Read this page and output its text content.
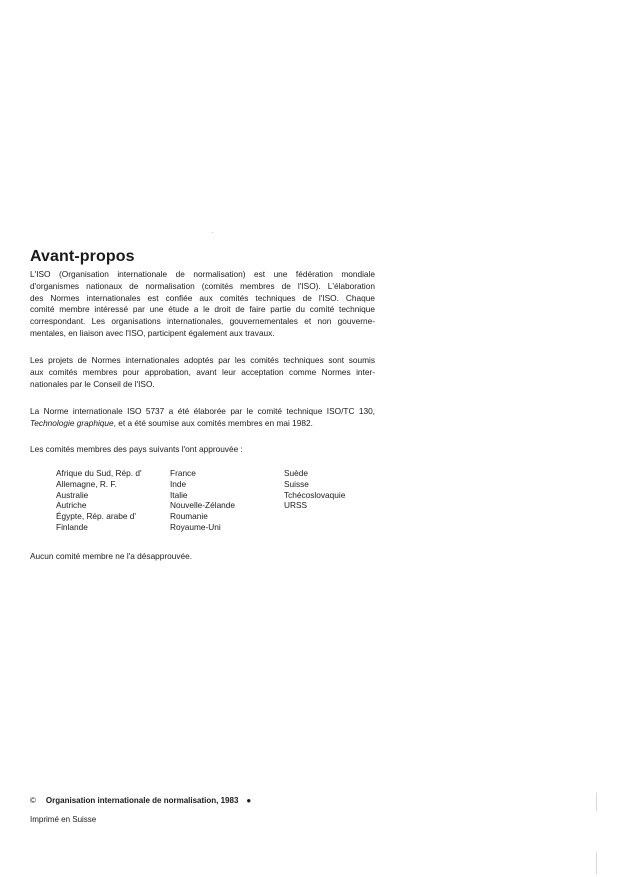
Avant-propos
L'ISO (Organisation internationale de normalisation) est une fédération mondiale
d'organismes nationaux de normalisation (comités membres de l'ISO). L'élaboration
des Normes internationales est confiée aux comités techniques de l'ISO. Chaque
comité membre intéressé par une étude a le droit de faire partie du comité technique
correspondant. Les organisations internationales, gouvernementales et non gouverne-
mentales, en liaison avec l'ISO, participent également aux travaux.
Les projets de Normes internationales adoptés par les comités techniques sont soumis
aux comités membres pour approbation, avant leur acceptation comme Normes inter-
nationales par le Conseil de l'ISO.
La Norme internationale ISO 5737 a été élaborée par le comité technique ISO/TC 130,
Technologie graphique, et a été soumise aux comités membres en mai 1982.
Les comités membres des pays suivants l'ont approuvée :
Afrique du Sud, Rép. d'
Allemagne, R. F.
Australie
Autriche
Égypte, Rép. arabe d'
Finlande
France
Inde
Italie
Nouvelle-Zélande
Roumanie
Royaume-Uni
Suède
Suisse
Tchécoslovaquie
URSS
Aucun comité membre ne l'a désapprouvée.
© Organisation internationale de normalisation, 1983 ●
Imprimé en Suisse
